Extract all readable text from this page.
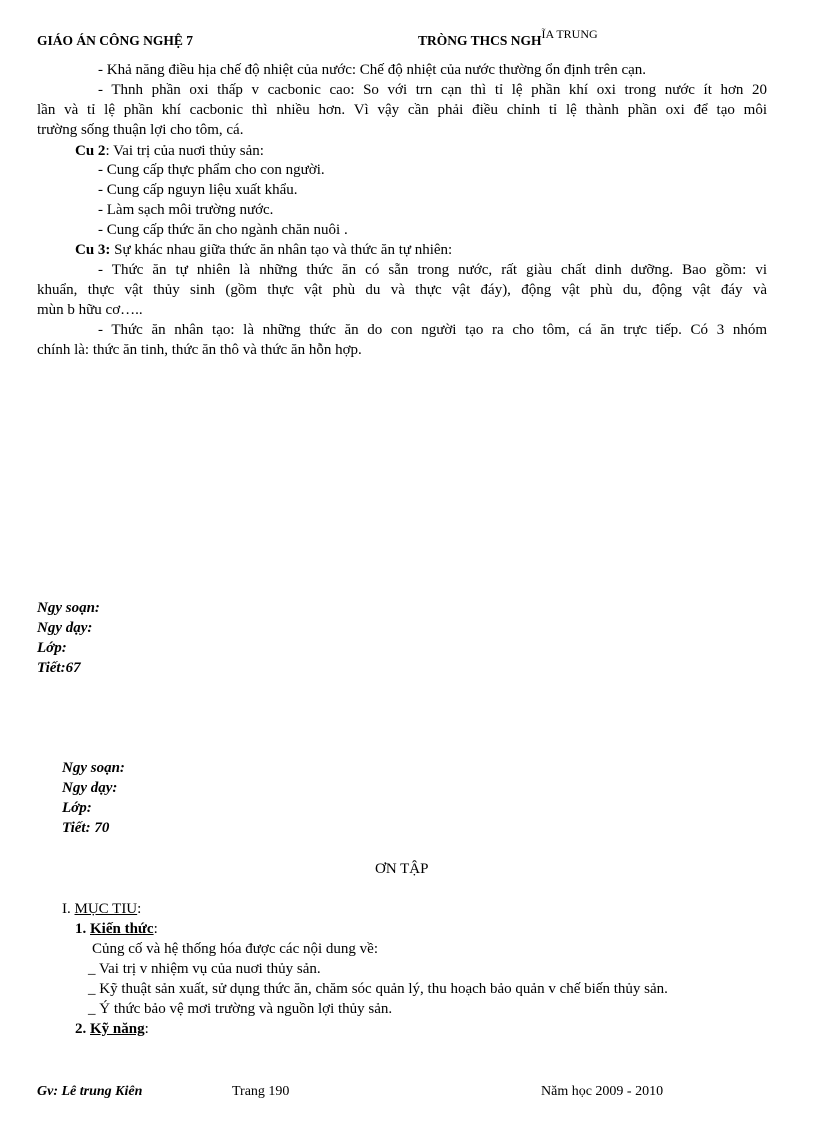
GIÁO ÁN CÔNG NGHỆ 7	TRÒNG THCS NGHĨA TRUNG
- Khả năng điều hịa chế độ nhiệt của nước: Chế độ nhiệt của nước thường ổn định trên cạn.
- Thnh phần oxi thấp v cacbonic cao: So với trn cạn thì tỉ lệ phần khí oxi trong nước ít hơn 20
lần và tỉ lệ phần khí cacbonic thì nhiều hơn. Vì vậy cần phải điều chỉnh tỉ lệ thành phần oxi để tạo môi
trường sống thuận lợi cho tôm, cá.
Cu 2: Vai trị của nuơi thủy sản:
- Cung cấp thực phẩm cho con người.
- Cung cấp nguyn liệu xuất khẩu.
- Làm sạch môi trường nước.
- Cung cấp thức ăn cho ngành chăn nuôi .
Cu 3: Sự khác nhau giữa thức ăn nhân tạo và thức ăn tự nhiên:
- Thức ăn tự nhiên là những thức ăn có sẵn trong nước, rất giàu chất dinh dưỡng. Bao gồm: vi
khuẩn, thực vật thủy sinh (gồm thực vật phù du và thực vật đáy), động vật phù du, động vật đáy và
mùn b hữu cơ…..
- Thức ăn nhân tạo: là những thức ăn do con người tạo ra cho tôm, cá ăn trực tiếp. Có 3 nhóm
chính là: thức ăn tinh, thức ăn thô và thức ăn hỗn hợp.
Ngy soạn:
Ngy dạy:
Lớp:
Tiết:67
Ngy soạn:
Ngy dạy:
Lớp:
Tiết: 70
ƠN TẬP
I. MỤC TIU:
1. Kiến thức:
Củng cố và hệ thống hóa được các nội dung về:
_ Vai trị v nhiệm vụ của nuơi thủy sản.
_ Kỹ thuật sản xuất, sử dụng thức ăn, chăm sóc quản lý, thu hoạch bảo quản v chế biến thủy sản.
_ Ý thức bảo vệ mơi trường và nguồn lợi thủy sản.
2. Kỹ năng:
Gv: Lê trung Kiên	Trang 190	Năm học 2009 - 2010
